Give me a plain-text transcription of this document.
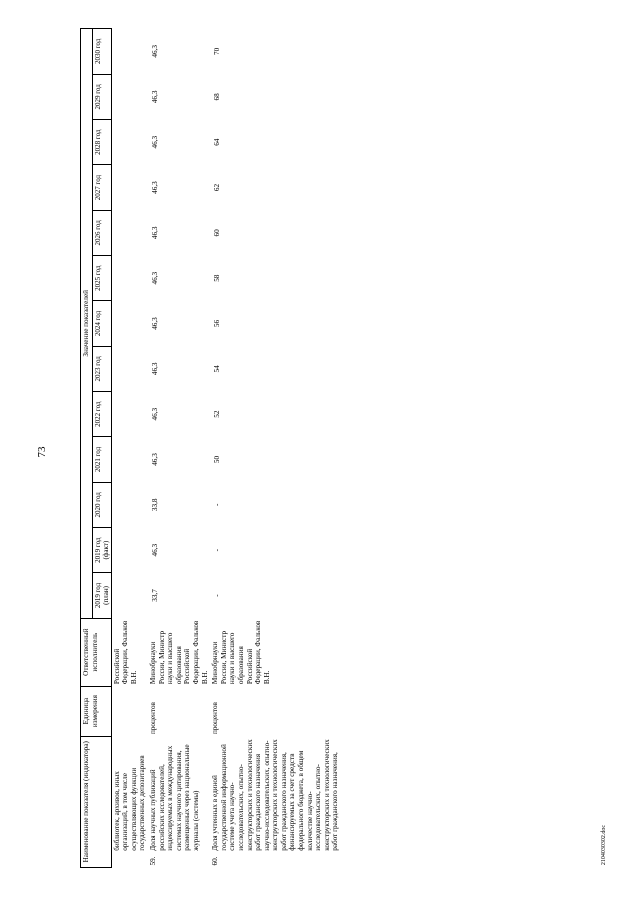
73
Наименование показателя (индикатора)		Единица измерения	Ответственный исполнитель	Значение показателей												
				2019 год (план)	2019 год (факт)	2020 год	2021 год	2022 год	2023 год	2024 год	2025 год	2026 год	2027 год	2028 год	2029 год	2030 год
	библиотек, архивов, иных организаций, в том числе осуществляющих функции государственных депозитариев		Российской Федерации, Фальков В.Н.													
59.	Доля научных публикаций российских исследователей, индексируемых в международных системах научного цитирования, размещенных через национальные журналы (системы)	процентов	Минобрнауки России, Министр науки и высшего образования Российской Федерации, Фальков В.Н.	33,7	46,3	33,8	46,3	46,3	46,3	46,3	46,3	46,3	46,3	46,3	46,3	46,3
60.	Доля учтенных в единой государственной информационной системе учета научно-исследовательских, опытно-конструкторских и технологических работ гражданского назначения научно-исследовательских, опытно-конструкторских и технологических работ гражданского назначения, финансируемых за счет средств федерального бюджета, в общем количестве научно-исследовательских, опытно-конструкторских и технологических работ гражданского назначения,	процентов	Минобрнауки России, Министр науки и высшего образования Российской Федерации, Фальков В.Н.	-	-	-	50	52	54	56	58	60	62	64	68	70
2104030302.doc
